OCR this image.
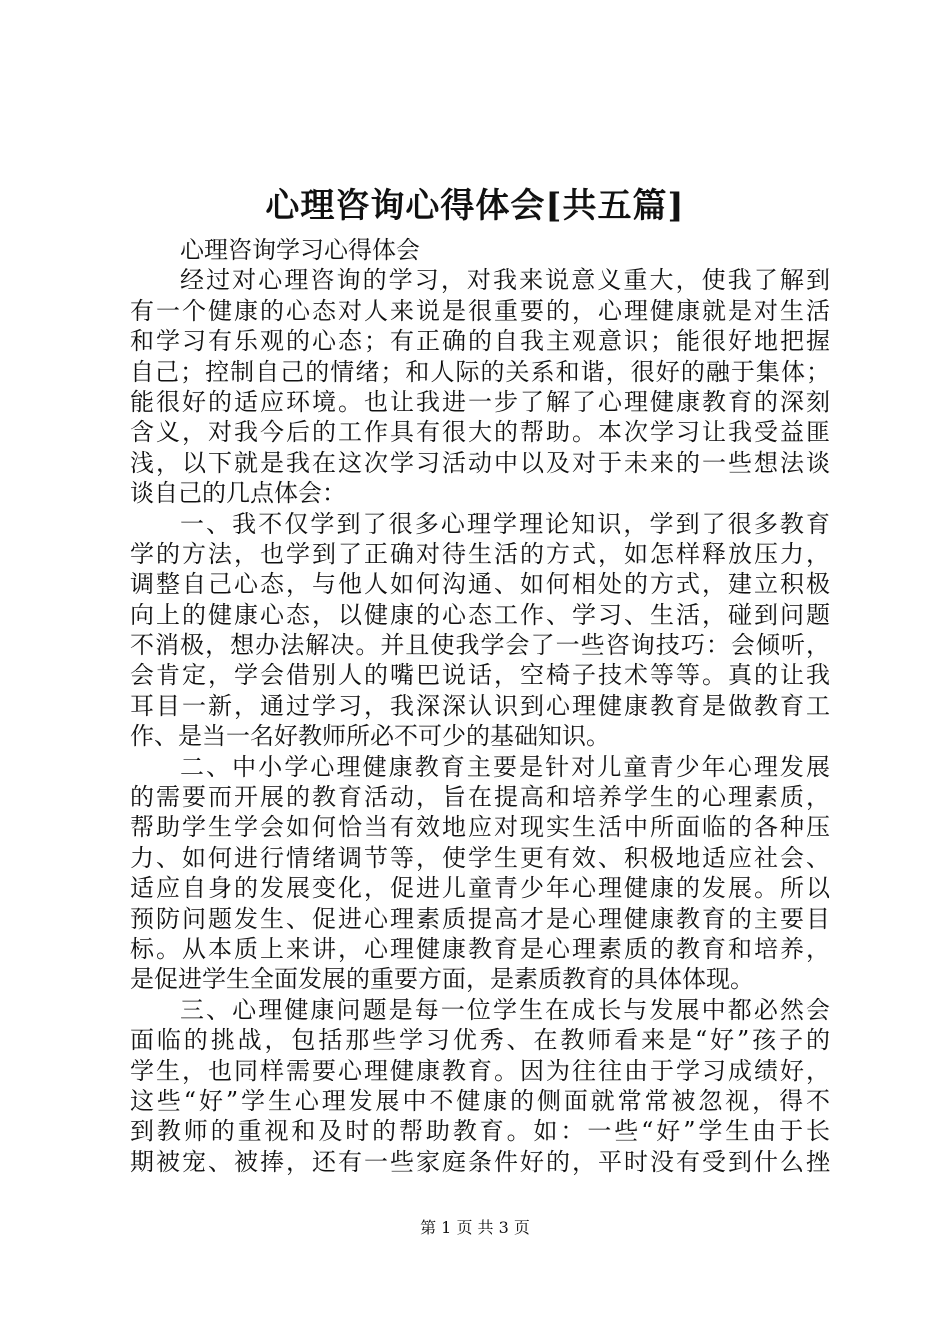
心理咨询心得体会[共五篇]
心理咨询学习心得体会
经过对心理咨询的学习，对我来说意义重大，使我了解到
有一个健康的心态对人来说是很重要的，心理健康就是对生活
和学习有乐观的心态；有正确的自我主观意识；能很好地把握
自己；控制自己的情绪；和人际的关系和谐，很好的融于集体；
能很好的适应环境。也让我进一步了解了心理健康教育的深刻
含义，对我今后的工作具有很大的帮助。本次学习让我受益匪
浅，以下就是我在这次学习活动中以及对于未来的一些想法谈
谈自己的几点体会：
一、我不仅学到了很多心理学理论知识，学到了很多教育
学的方法，也学到了正确对待生活的方式，如怎样释放压力，
调整自己心态，与他人如何沟通、如何相处的方式，建立积极
向上的健康心态，以健康的心态工作、学习、生活，碰到问题
不消极，想办法解决。并且使我学会了一些咨询技巧：会倾听，
会肯定，学会借别人的嘴巴说话，空椅子技术等等。真的让我
耳目一新，通过学习，我深深认识到心理健康教育是做教育工
作、是当一名好教师所必不可少的基础知识。
二、中小学心理健康教育主要是针对儿童青少年心理发展
的需要而开展的教育活动，旨在提高和培养学生的心理素质，
帮助学生学会如何恰当有效地应对现实生活中所面临的各种压
力、如何进行情绪调节等，使学生更有效、积极地适应社会、
适应自身的发展变化，促进儿童青少年心理健康的发展。所以
预防问题发生、促进心理素质提高才是心理健康教育的主要目
标。从本质上来讲，心理健康教育是心理素质的教育和培养，
是促进学生全面发展的重要方面，是素质教育的具体体现。
三、心理健康问题是每一位学生在成长与发展中都必然会
面临的挑战，包括那些学习优秀、在教师看来是“好”孩子的
学生，也同样需要心理健康教育。因为往往由于学习成绩好，
这些“好”学生心理发展中不健康的侧面就常常被忽视，得不
到教师的重视和及时的帮助教育。如：一些“好”学生由于长
期被宠、被捧，还有一些家庭条件好的，平时没有受到什么挫
第 1 页 共 3 页
